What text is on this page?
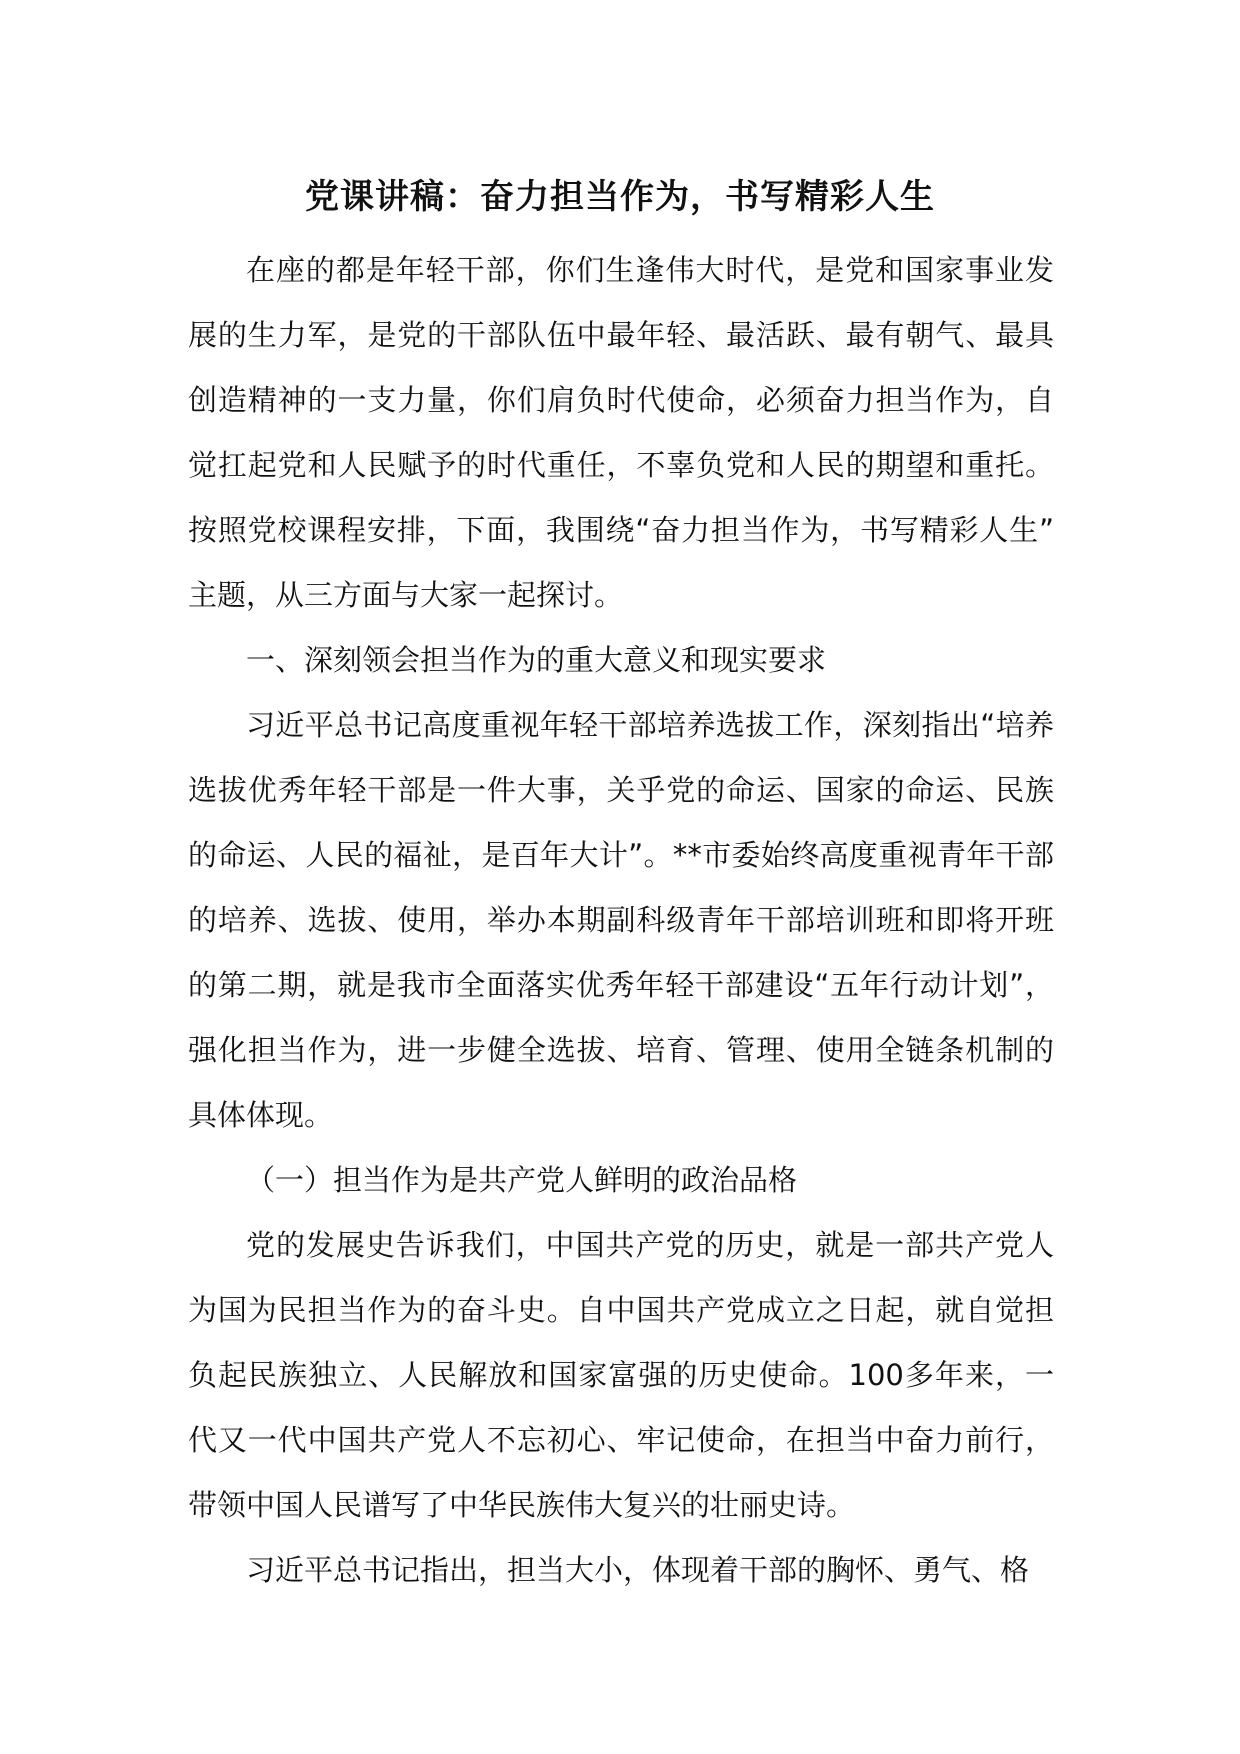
党课讲稿：奋力担当作为，书写精彩人生

在座的都是年轻干部，你们生逢伟大时代，是党和国家事业发展的生力军，是党的干部队伍中最年轻、最活跃、最有朝气、最具创造精神的一支力量，你们肩负时代使命，必须奋力担当作为，自觉扛起党和人民赋予的时代重任，不辜负党和人民的期望和重托。按照党校课程安排，下面，我围绕“奋力担当作为，书写精彩人生”主题，从三方面与大家一起探讨。

一、深刻领会担当作为的重大意义和现实要求

习近平总书记高度重视年轻干部培养选拔工作，深刻指出“培养选拔优秀年轻干部是一件大事，关乎党的命运、国家的命运、民族的命运、人民的福祉，是百年大计”。**市委始终高度重视青年干部的培养、选拔、使用，举办本期副科级青年干部培训班和即将开班的第二期，就是我市全面落实优秀年轻干部建设“五年行动计划”，强化担当作为，进一步健全选拔、培育、管理、使用全链条机制的具体体现。

（一）担当作为是共产党人鲜明的政治品格

党的发展史告诉我们，中国共产党的历史，就是一部共产党人为国为民担当作为的奋斗史。自中国共产党成立之日起，就自觉担负起民族独立、人民解放和国家富强的历史使命。100多年来，一代又一代中国共产党人不忘初心、牢记使命，在担当中奋力前行，带领中国人民谱写了中华民族伟大复兴的壮丽史诗。

习近平总书记指出，担当大小，体现着干部的胸怀、勇气、格
